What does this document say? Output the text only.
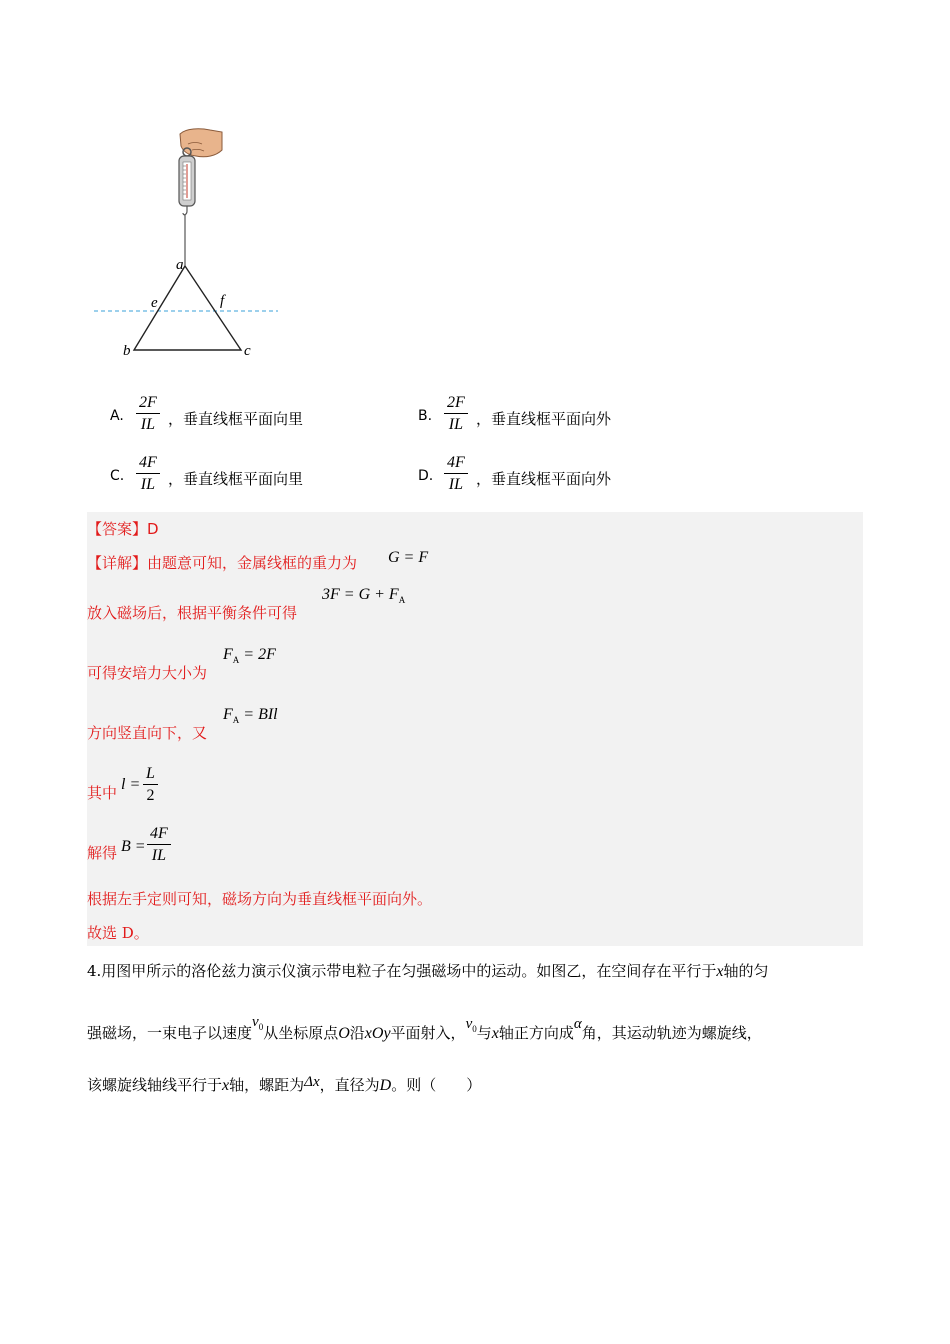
a
e	f
b	c
A. $\frac{2F}{IL}$ ，垂直线框平面向里	B. $\frac{2F}{IL}$ ，垂直线框平面向外
C. $\frac{4F}{IL}$ ，垂直线框平面向里	D. $\frac{4F}{IL}$ ，垂直线框平面向外
【答案】D
【详解】由题意可知，金属线框的重力为 G = F
放入磁场后，根据平衡条件可得
$3F = G + F_A$
可得安培力大小为
$F_A = 2F$
方向竖直向下，又
$F_A$ = BIl
其中 $l = \frac{L}{2}$
解得 $B = \frac{4F}{IL}$
根据左手定则可知，磁场方向为垂直线框平面向外。
故选 D。
4.用图甲所示的洛伦兹力演示仪演示带电粒子在匀强磁场中的运动。如图乙，在空间存在平行于x轴的匀
强磁场，一束电子以速度$v_0$从坐标原点O沿xOy平面射入，$v_0$与x轴正方向成α角，其运动轨迹为螺旋线，
该螺旋线轴线平行于x轴，螺距为Δx，直径为D。则（　　）
